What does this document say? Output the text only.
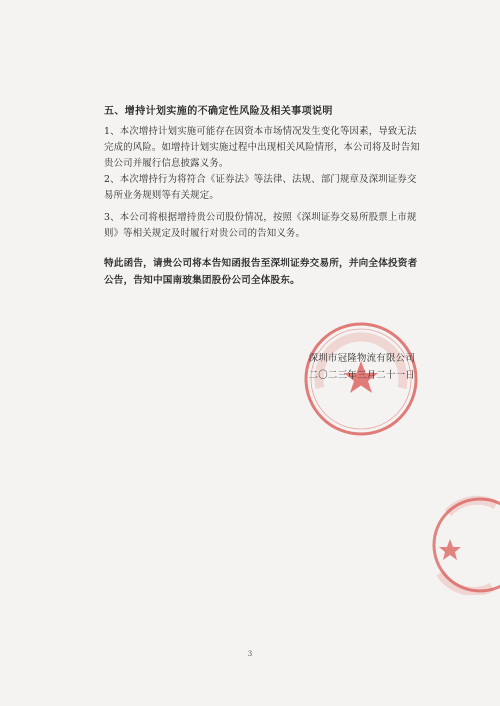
五、增持计划实施的不确定性风险及相关事项说明
1、本次增持计划实施可能存在因资本市场情况发生变化等因素，导致无法完成的风险。如增持计划实施过程中出现相关风险情形，本公司将及时告知贵公司并履行信息披露义务。
2、本次增持行为将符合《证券法》等法律、法规、部门规章及深圳证券交易所业务规则等有关规定。
3、本公司将根据增持贵公司股份情况，按照《深圳证券交易所股票上市规则》等相关规定及时履行对贵公司的告知义务。
特此函告，请贵公司将本告知函报告至深圳证券交易所，并向全体投资者公告，告知中国南玻集团股份公司全体股东。
深圳市冠隆物流有限公司
二〇二三年三月二十一日
3
